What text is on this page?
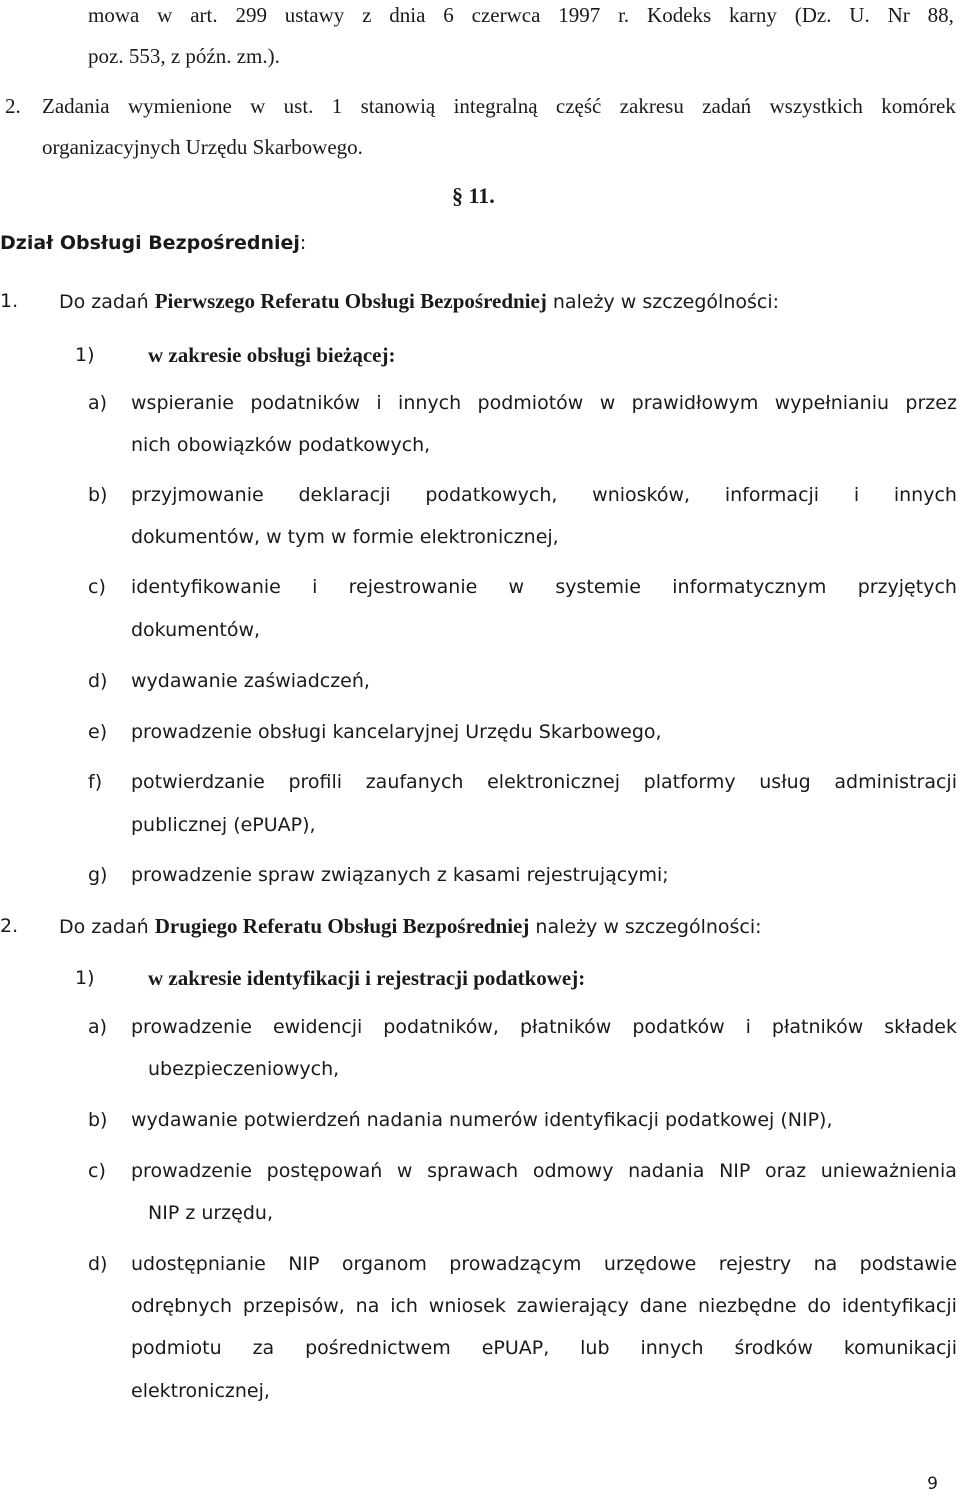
mowa w art. 299 ustawy z dnia 6 czerwca 1997 r. Kodeks karny (Dz. U. Nr 88,
poz. 553, z późn. zm.).
2. Zadania wymienione w ust. 1 stanowią integralną część zakresu zadań wszystkich komórek
organizacyjnych Urzędu Skarbowego.
§ 11.
Dział Obsługi Bezpośredniej:
1. Do zadań Pierwszego Referatu Obsługi Bezpośredniej należy w szczególności:
1)	w zakresie obsługi bieżącej:
a) wspieranie podatników i innych podmiotów w prawidłowym wypełnianiu przez
nich obowiązków podatkowych,
b) przyjmowanie deklaracji podatkowych, wniosków, informacji i innych
dokumentów, w tym w formie elektronicznej,
c) identyfikowanie i rejestrowanie w systemie informatycznym przyjętych
dokumentów,
d) wydawanie zaświadczeń,
e) prowadzenie obsługi kancelaryjnej Urzędu Skarbowego,
f) potwierdzanie profili zaufanych elektronicznej platformy usług administracji
publicznej (ePUAP),
g) prowadzenie spraw związanych z kasami rejestrującymi;
2. Do zadań Drugiego Referatu Obsługi Bezpośredniej należy w szczególności:
1)	w zakresie identyfikacji i rejestracji podatkowej:
a) prowadzenie ewidencji podatników, płatników podatków i płatników składek
ubezpieczeniowych,
b) wydawanie potwierdzeń nadania numerów identyfikacji podatkowej (NIP),
c) prowadzenie postępowań w sprawach odmowy nadania NIP oraz unieważnienia
NIP z urzędu,
d) udostępnianie NIP organom prowadzącym urzędowe rejestry na podstawie
odrębnych przepisów, na ich wniosek zawierający dane niezbędne do identyfikacji
podmiotu za pośrednictwem ePUAP, lub innych środków komunikacji
elektronicznej,
9
